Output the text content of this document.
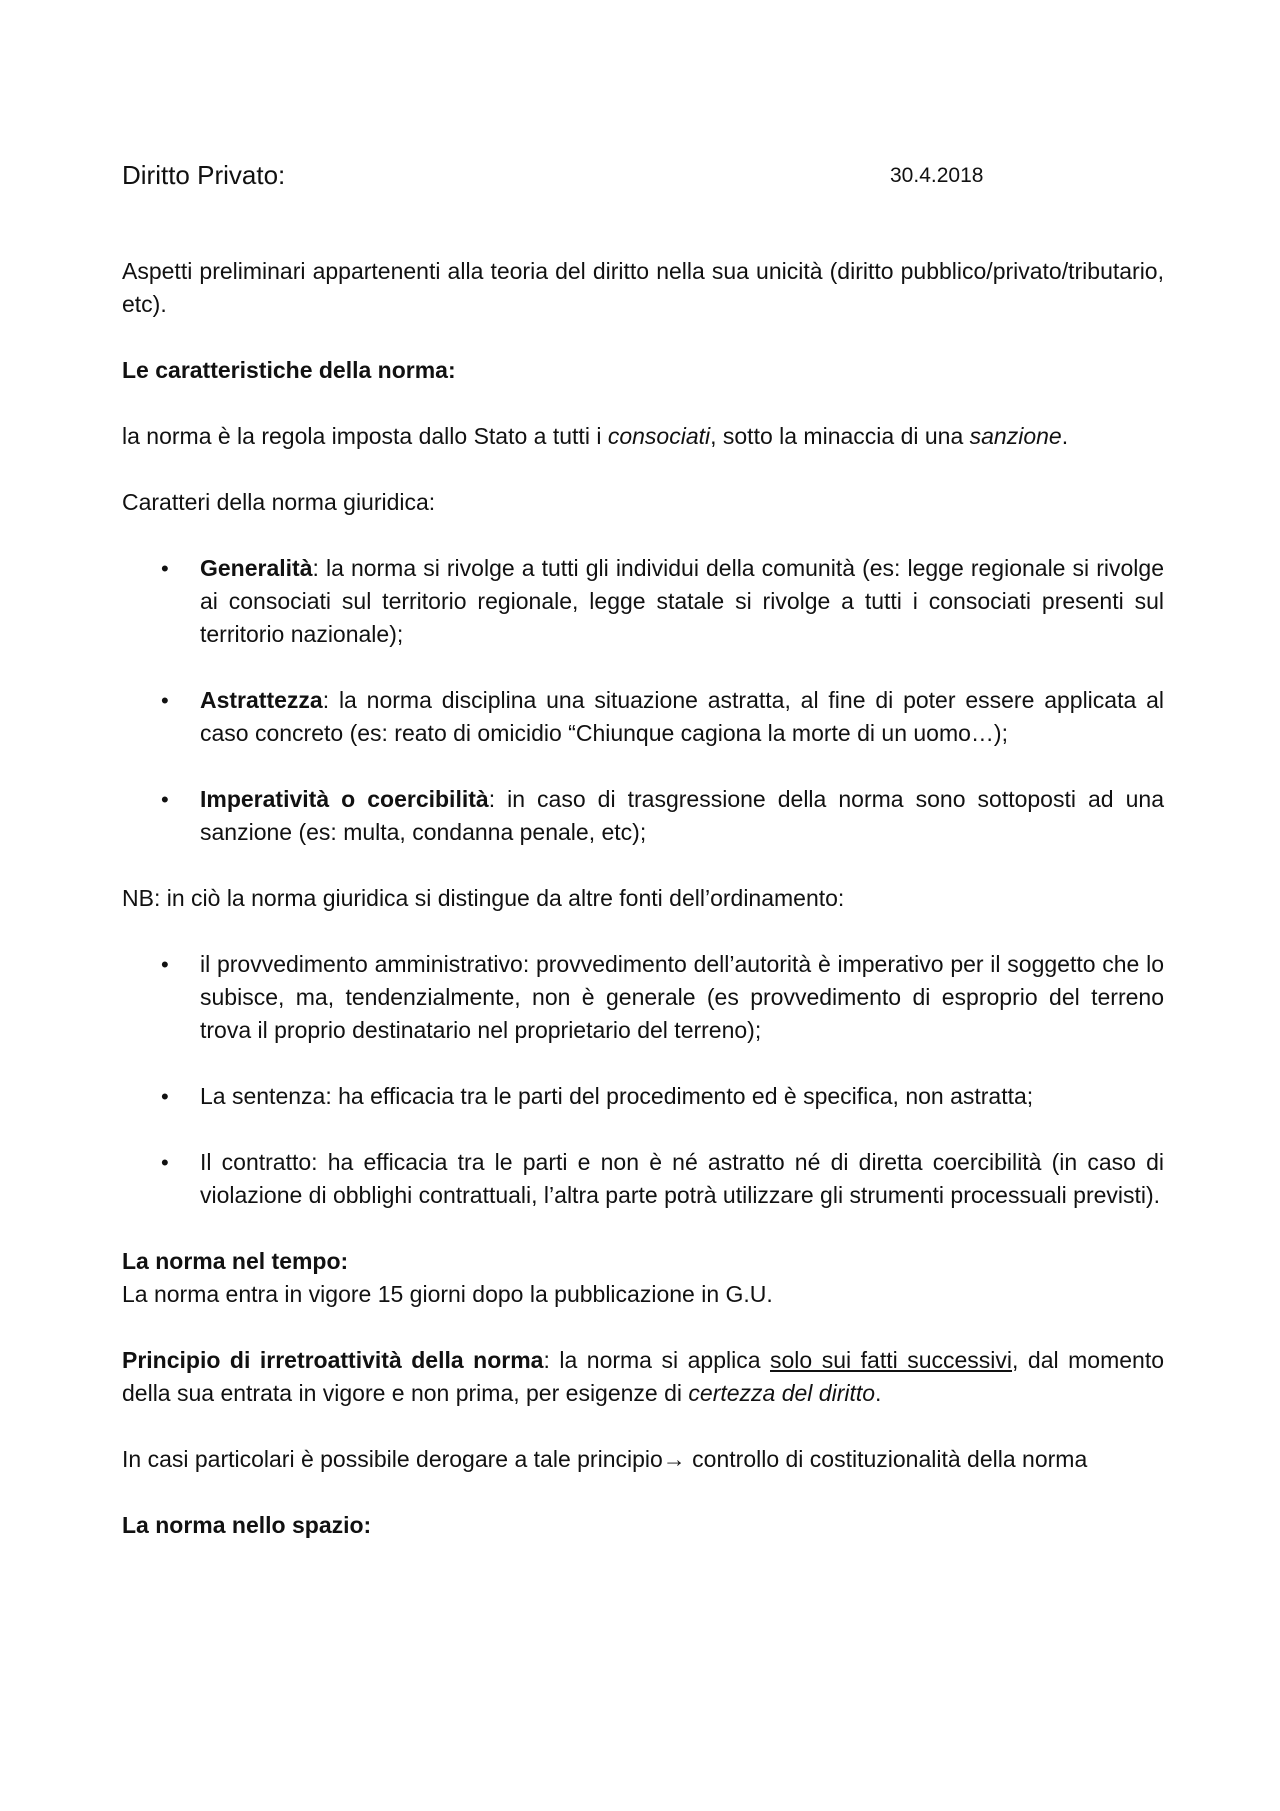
Diritto Privato:	30.4.2018

Aspetti preliminari appartenenti alla teoria del diritto nella sua unicità (diritto pubblico/privato/tributario, etc).

Le caratteristiche della norma:

la norma è la regola imposta dallo Stato a tutti i consociati, sotto la minaccia di una sanzione.

Caratteri della norma giuridica:

• Generalità: la norma si rivolge a tutti gli individui della comunità (es: legge regionale si rivolge ai consociati sul territorio regionale, legge statale si rivolge a tutti i consociati presenti sul territorio nazionale);
• Astrattezza: la norma disciplina una situazione astratta, al fine di poter essere applicata al caso concreto (es: reato di omicidio “Chiunque cagiona la morte di un uomo…);
• Imperatività o coercibilità: in caso di trasgressione della norma sono sottoposti ad una sanzione (es: multa, condanna penale, etc);

NB: in ciò la norma giuridica si distingue da altre fonti dell’ordinamento:

• il provvedimento amministrativo: provvedimento dell’autorità è imperativo per il soggetto che lo subisce, ma, tendenzialmente, non è generale (es provvedimento di esproprio del terreno trova il proprio destinatario nel proprietario del terreno);
• La sentenza: ha efficacia tra le parti del procedimento ed è specifica, non astratta;
• Il contratto: ha efficacia tra le parti e non è né astratto né di diretta coercibilità (in caso di violazione di obblighi contrattuali, l’altra parte potrà utilizzare gli strumenti processuali previsti).

La norma nel tempo:

La norma entra in vigore 15 giorni dopo la pubblicazione in G.U.

Principio di irretroattività della norma: la norma si applica solo sui fatti successivi, dal momento della sua entrata in vigore e non prima, per esigenze di certezza del diritto.

In casi particolari è possibile derogare a tale principio→ controllo di costituzionalità della norma

La norma nello spazio:
